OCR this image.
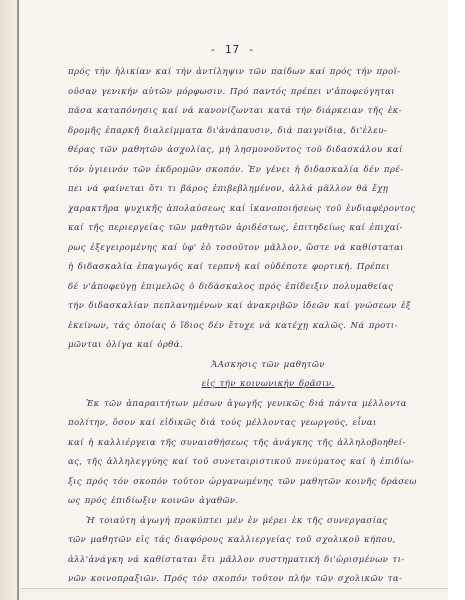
- 17 -
πρός τήν ἡλικίαν καί τήν ἀντίληψιν τῶν παίδων καί πρός τήν προϊ-
οῦσαν γενικήν αὐτῶν μόρφωσιν. Πρό παντός πρέπει ν'ἀποφεύγηται
πᾶσα καταπόνησις καί νά κανονίζωνται κατά τήν διάρκειαν τῆς ἐκ-
δρομῆς ἐπαρκῆ διαλείμματα δι'ἀνάπαυσιν, διά παιγνίδια, δι'ἐλευ-
θέρας τῶν μαθητῶν ἀσχολίας, μή λησμονοῦντος τοῦ διδασκάλου καί
τόν ὑγιεινόν τῶν ἐκδρομῶν σκοπόν. Ἐν γένει ἡ διδασκαλία δέν πρέ-
πει νά φαίνεται ὅτι τι βάρος ἐπιβεβλημένον, ἀλλά μᾶλλον θά ἔχῃ
χαρακτῆρα ψυχικῆς ἀπολαύσεως καί ἱκανοποιήσεως τοῦ ἐνδιαφέροντος
καί τῆς περιεργείας τῶν μαθητῶν ἀριδέστως, ἐπιτηδείως καί ἐπιχαί-
ρως ἐξεγειρομένης καί ὑφ' ἐὀ τοσοῦτον μᾶλλον, ὥστε νά καθίσταται
ἡ διδασκαλία ἐπαγωγός καί τερπνή καί οὐδέποτε φορτική. Πρέπει
δέ ν'ἀποφεύγῃ ἐπιμελῶς ὁ διδάσκαλος πρός ἐπίδειξιν πολυμαθείας
τήν διδασκαλίαν πεπλανημένων καί ἀνακριβῶν ἰδεῶν καί γνώσεων ἐξ
ἐκείνων, τάς ὁποίας ὁ ἴδιος δέν ἔτυχε νά κατέχῃ καλῶς. Νά προτι-
μῶνται ὀλίγα καί ὀρθά.
ἈΑσκησις τῶν μαθητῶν
εἰς τήν κοινωνικήν δρᾶσιν.
Ἐκ τῶν ἀπαραιτήτων μέσων ἀγωγῆς γενικῶς διά πάντα μέλλοντα
πολίτην, ὅσον καί εἰδικῶς διά τούς μέλλοντας γεωργούς, εἶναι
καί ἡ καλλιέργεια τῆς συναισθήσεως τῆς ἀνάγκης τῆς ἀλληλοβοηθεί-
ας, τῆς ἀλληλεγγύης καί τοῦ συνεταιριστικοῦ πνεύματος καί ἡ ἐπιδίω-
ξις πρός τόν σκοπόν τοῦτον ὠργανωμένης τῶν μαθητῶν κοινῆς δράσεω
ως πρός ἐπιδίωξιν κοινῶν ἀγαθῶν.
Ἡ τοιαύτη ἀγωγή προκύπτει μέν ἐν μέρει ἐκ τῆς συνεργασίας
τῶν μαθητῶν εἰς τάς διαφόρους καλλιεργείας τοῦ σχολικοῦ κήπου,
ἀλλ'ἀνάγκη νά καθίσταται ἔτι μᾶλλον συστηματική δι'ὡρισμένων τι-
νῶν κοινοπραξιῶν. Πρός τόν σκοπόν τοῦτον πλήν τῶν σχολικῶν τα-
